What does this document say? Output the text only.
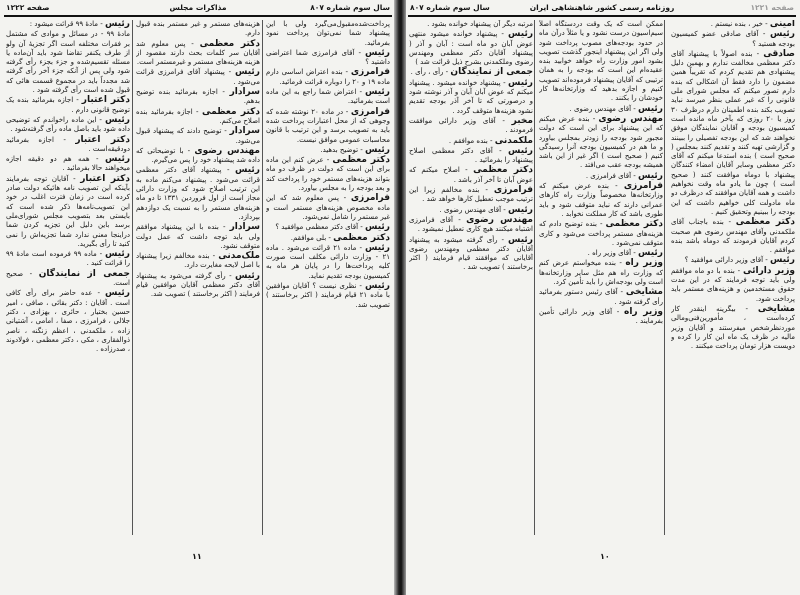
سال سوم شماره ۸۰۷
مذاکرات مجلس
صفحه ۱۲۲۲

پرداخت‌شده‌مقبول‌می‌گیرد ولی با این پیشنهاد شما نمی‌توان پرداخت نمود بفرمائید.

رئیس - آقای فرامرزی شما اعتراضی داشتید ؟

فرامرزی - بنده اعتراض اساسی دارم ماده ۱۹ و ۲۰ را دوباره قرائت فرمائید.

رئیس - اعتراض شما راجع به این ماده است بفرمائید.

فرامرزی - در ماده ۲۰ نوشته شده که وجوهی که از محل اعتبارات پرداخت شده باید به تصویب برسد و این ترتیب با قانون محاسبات عمومی موافق نیست.

رئیس - توضیح بدهید.

دکتر معظمی - عرض کنم این ماده برای این است که دولت در ظرف دو ماه بتواند هزینه‌های مستمر خود را پرداخت کند و بعد بودجه را به مجلس بیاورد.

فرامرزی - پس معلوم شد که این ماده مخصوص هزینه‌های مستمر است و غیر مستمر را شامل نمی‌شود.

رئیس - آقای دکتر معظمی موافقید ؟

دکتر معظمی - بلی موافقم.

رئیس - ماده ۲۱ قرائت می‌شود . ماده ۲۱ - وزارت دارائی مکلف است صورت کلیه پرداخت‌ها را در پایان هر ماه به کمیسیون بودجه تقدیم نماید.

رئیس - نظری نیست ؟ آقایان موافقین با ماده ۲۱ قیام فرمایند ( اکثر برخاستند ) تصویب شد.

هزینه‌های مستمر و غیر مستمر بنده قبول دارم.

دکتر معظمی - پس معلوم شد آقایان سر کلمات بحث دارند مقصود از هزینه هزینه‌های مستمر و غیرمستمر است.

رئیس - پیشنهاد آقای فرامرزی قرائت می‌شود .

سرادار - اجازه بفرمائید بنده توضیح بدهم.

دکتر معظمی - اجازه بفرمائید بنده اصلاح می‌کنم.

سرادار - توضیح دادند که پیشنهاد قبول می‌شود.

مهندس رضوی - با توضیحاتی که داده شد پیشنهاد خود را پس می‌گیرم.

رئیس - پیشنهاد آقای دکتر معظمی قرائت می‌شود . پیشنهاد می‌کنم ماده به این ترتیب اصلاح شود که وزارت دارائی مجاز است از اول فروردین ۱۳۳۱ تا دو ماه هزینه‌های مستمر را به نسبت یک دوازدهم بپردازد.

سرادار - بنده با این پیشنهاد موافقم ولی باید توجه داشت که عمل دولت متوقف نشود.

ملک‌مدنی - بنده مخالفم زیرا پیشنهاد با اصل لایحه مغایرت دارد.

رئیس - رأی گرفته می‌شود به پیشنهاد آقای دکتر معظمی آقایان موافقین قیام فرمایند ( اکثر برخاستند ) تصویب شد.

رئیس - مادهٔ ۹۹ قرائت میشود :

مادهٔ ۹۹ - در مسائل و موادی که مشتمل بر فقرات مختلفه است اگر تجزیهٔ آن ولو از طرف یکنفر تقاضا شود باید آن‌ماده یا مسئله تقسیم‌شده و جزء بجزء رأی گرفته شود ولی پس از آنکه جزء آخر رأی گرفته شد مجدداً باید در مجموع قسمت هائی که قبول شده است رأی گرفته شود .

دکتر اعتبار - اجازه بفرمائید بنده یک توضیح قانونی دارم .

رئیس - این ماده راخواندم که توضیحی داده شود باید باصل ماده رأی گرفته‌شود .

دکتر اعتبار - اجازه بفرمائید دودقیقه‌است .

رئیس - همه هم دو دقیقه اجازه میخواهند حالا بفرمائید .

دکتر اعتبار - آقایان توجه بفرمایند بآینکه این تصویب نامه هائیکه دولت صادر کرده است در زمان فترت اغلب در خود این تصویب‌نامه‌ها ذکر شده است که بایستی بعد بتصویب مجلس شورای‌ملی برسد باین دلیل این تجزیه کردن شما دراینجا معنی ندارد شما تجزیه‌اش را نمی کنید تا رأی بگیرید.

رئیس - ماده ۹۹ فرموده است مادهٔ ۹۹ را قرائت کنید .

جمعی از نمایندگان - صحیح است.

رئیس - عده حاضر برای رأی کافی است . آقایان : دکتر بقائی ، صافی ، امیر حسین بختیار ، حائری ، بهزادی ، دکتر جلالی ، فرامرزی ، صفا ، امامی ، آشتیانی زاده ، ملکمدنی ، اعظم زنگنه ، ناصر ذوالفقاری ، مکی ، دکتر معظمی ، فولادوند ، صدرزاده .

۱۱
صفحه ۱۲۲۱
روزنامه رسمی کشور شاهنشاهی ایران
سال سوم شماره ۸۰۷

امینی - خیر ، بنده نیستم .

رئیس - آقای صادقی عضو کمیسیون بودجه هستید ؟

صادقی - بنده اصولاً با پیشنهاد آقای دکتر معظمی مخالفت ندارم و بهمین دلیل پیشنهادی هم تقدیم کردم که تقریباً همین مضمون را دارد فقط آن اشکالی که بنده دارم تصور میکنم که مجلس شورای ملی قانونی را که غیر عملی بنظر میرسد نباید تصویب بکند بنده اطمینان دارم درظرف ۳۰ روز یا ۲۰ روزی که بآخر ماه مانده است کمیسیون بودجه و آقایان نمایندگان موفق نخواهند شد که این بودجه تفصیلی را ببینند و گزارشی تهیه کنند و تقدیم کنند بمجلس ( صحیح است ) بنده استدعا میکنم که آقای دکتر معظمی وسایر آقایان امضاء کنندگان پیشنهاد با دوماه موافقت کنند ( صحیح است ) چون ما یادو ماه وقت نخواهیم داشت و همه آقایان موافقند که درظرف دو ماه مادولت کلی خواهیم داشت که این بودجه را ببینیم وتحقیق کنیم .

دکتر معظمی - بنده باجناب آقای ملکمدنی وآقای مهندس رضوی هم صحبت کردم آقایان فرمودند که دوماه باشد بنده موافقم .

رئیس - آقای وزیر دارائی موافقید ؟

وزیر دارائی - بنده با دو ماه موافقم ولی باید توجه فرمایند که در این مدت حقوق مستخدمین و هزینه‌های مستمر باید پرداخت شود.

مشایخی - بیگرینه اینقدر کار کرده‌است ، مأمورین‌فنی‌ومالی موردنظرشخص میفرستند و آقایان وزیر مالیه در ظرف یک ماه این کار را کرده و دویست هزار تومان پرداخت میکنند .

ممکن است که یک وقت دردستگاه اصلاً سیم‌اسیون درست نشود و یا مثلاً درآن ماه در حدود بودجه‌های مصوب پرداخت شود ولی اگر این پیشنهاد اینجور گذشت تصویب بشود امور وزارت راه خواهد خوابید بنده عقیده‌ام این است که بودجه را به همان ترتیبی که آقایان پیشنهاد فرموده‌اند تصویب کنیم و اجازه بدهید که وزارتخانه‌ها کار خودشان را بکنند .

رئیس - آقای مهندس رضوی .

مهندس رضوی - بنده عرض میکنم که این پیشنهاد برای این است که دولت مجبور شود بودجه را زودتر بمجلس بیاورد و ما هم در کمیسیون بودجه آنرا رسیدگی کنیم ( صحیح است ) اگر غیر از این باشد همیشه بودجه عقب می‌افتد .

رئیس - آقای فرامرزی .

فرامرزی - بنده عرض میکنم که وزارتخانه‌ها مخصوصاً وزارت راه کارهای عمرانی دارند که نباید متوقف شود و باید طوری باشد که کار مملکت نخوابد .

دکتر معظمی - بنده توضیح دادم که هزینه‌های مستمر پرداخت می‌شود و کاری متوقف نمی‌شود .

رئیس - آقای وزیر راه .

وزیر راه - بنده میخواستم عرض کنم که وزارت راه هم مثل سایر وزارتخانه‌ها است ولی بودجه‌اش را باید تأمین کرد.

مشایخی - آقای رئیس دستور بفرمائید رأی گرفته شود .

وزیر راه - آقای وزیر دارائی تأمین بفرمایند .

مرتبه دیگر آن پیشنهاد خوانده بشود .

رئیس - پیشنهاد خوانده میشود منتهی عوض آبان دو ماه است : آبان و آذر ( پیشنهاد آقایان دکتر معظمی ومهندس رضوی وملکمدنی بشرح ذیل قرائت شد )

جمعی از نمایندگان - رأی ، رأی .

رئیس - پیشنهاد خوانده میشود . پیشنهاد میکنم که عوض آبان آبان و آذر نوشته شود و درصورتی که تا آخر آذر بودجه تقدیم نشود هزینه‌ها متوقف گردد .

مخبر - آقای وزیر دارائی موافقت فرمودند .

ملکمدنی - بنده موافقم .

رئیس - آقای دکتر معظمی اصلاح پیشنهاد را بفرمائید .

دکتر معظمی - اصلاح میکنم که عوض آبان تا آخر آذر باشد .

فرامرزی - بنده مخالفم زیرا این ترتیب موجب تعطیل کارها خواهد شد .

رئیس - آقای مهندس رضوی .

مهندس رضوی - آقای فرامرزی اشتباه میکنند هیچ کاری تعطیل نمیشود .

رئیس - رأی گرفته میشود به پیشنهاد آقایان دکتر معظمی ومهندس رضوی آقایانی که موافقند قیام فرمایند ( اکثر برخاستند ) تصویب شد .

۱۰
